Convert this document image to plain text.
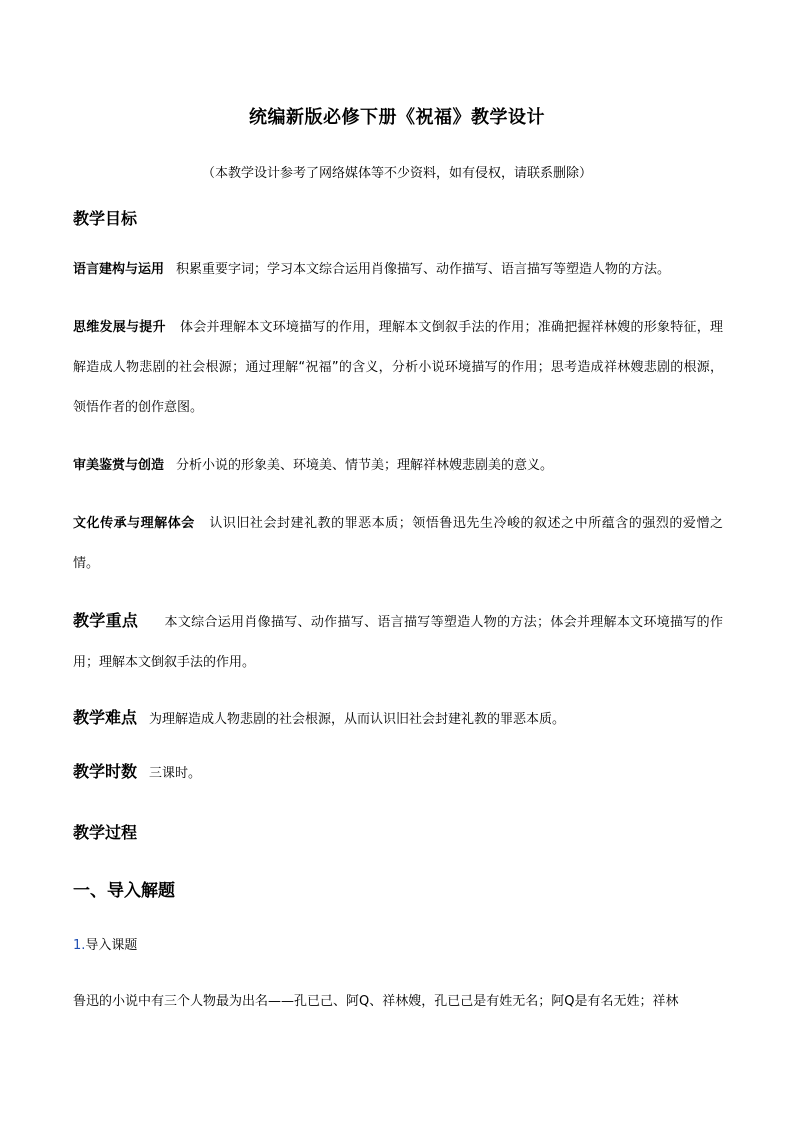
统编新版必修下册《祝福》教学设计
（本教学设计参考了网络媒体等不少资料，如有侵权，请联系删除）
教学目标
语言建构与运用 积累重要字词；学习本文综合运用肖像描写、动作描写、语言描写等塑造人物的方法。
思维发展与提升 体会并理解本文环境描写的作用，理解本文倒叙手法的作用；准确把握祥林嫂的形象特征，理解造成人物悲剧的社会根源；通过理解“祝福”的含义，分析小说环境描写的作用；思考造成祥林嫂悲剧的根源，领悟作者的创作意图。
审美鉴赏与创造 分析小说的形象美、环境美、情节美；理解祥林嫂悲剧美的意义。
文化传承与理解体会 认识旧社会封建礼教的罪恶本质；领悟鲁迅先生冷峻的叙述之中所蕴含的强烈的爱憎之情。
教学重点 本文综合运用肖像描写、动作描写、语言描写等塑造人物的方法；体会并理解本文环境描写的作用；理解本文倒叙手法的作用。
教学难点 为理解造成人物悲剧的社会根源，从而认识旧社会封建礼教的罪恶本质。
教学时数 三课时。
教学过程
一、导入解题
1.导入课题
鲁迅的小说中有三个人物最为出名——孔已己、阿Q、祥林嫂，孔已己是有姓无名；阿Q是有名无姓；祥林
